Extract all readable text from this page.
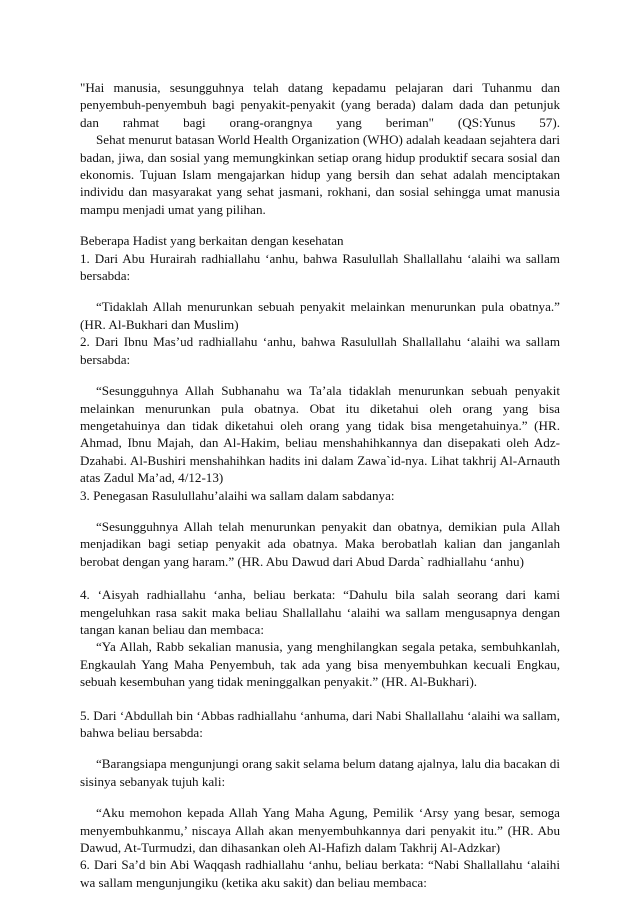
"Hai manusia, sesungguhnya telah datang kepadamu pelajaran dari Tuhanmu dan penyembuh-penyembuh bagi penyakit-penyakit (yang berada) dalam dada dan petunjuk dan rahmat bagi orang-orangnya yang beriman" (QS:Yunus 57).

Sehat menurut batasan World Health Organization (WHO) adalah keadaan sejahtera dari badan, jiwa, dan sosial yang memungkinkan setiap orang hidup produktif secara sosial dan ekonomis. Tujuan Islam mengajarkan hidup yang bersih dan sehat adalah menciptakan individu dan masyarakat yang sehat jasmani, rokhani, dan sosial sehingga umat manusia mampu menjadi umat yang pilihan.

Beberapa Hadist yang berkaitan dengan kesehatan

1. Dari Abu Hurairah radhiallahu ‘anhu, bahwa Rasulullah Shallallahu ‘alaihi wa sallam bersabda:

“Tidaklah Allah menurunkan sebuah penyakit melainkan menurunkan pula obatnya.” (HR. Al-Bukhari dan Muslim)

2. Dari Ibnu Mas’ud radhiallahu ‘anhu, bahwa Rasulullah Shallallahu ‘alaihi wa sallam bersabda:

“Sesungguhnya Allah Subhanahu wa Ta’ala tidaklah menurunkan sebuah penyakit melainkan menurunkan pula obatnya. Obat itu diketahui oleh orang yang bisa mengetahuinya dan tidak diketahui oleh orang yang tidak bisa mengetahuinya.” (HR. Ahmad, Ibnu Majah, dan Al-Hakim, beliau menshahihkannya dan disepakati oleh Adz-Dzahabi. Al-Bushiri menshahihkan hadits ini dalam Zawa`id-nya. Lihat takhrij Al-Arnauth atas Zadul Ma’ad, 4/12-13)

3. Penegasan Rasulullahu’alaihi wa sallam dalam sabdanya:

“Sesungguhnya Allah telah menurunkan penyakit dan obatnya, demikian pula Allah menjadikan bagi setiap penyakit ada obatnya. Maka berobatlah kalian dan janganlah berobat dengan yang haram.” (HR. Abu Dawud dari Abud Darda` radhiallahu ‘anhu)

4. ‘Aisyah radhiallahu ‘anha, beliau berkata: “Dahulu bila salah seorang dari kami mengeluhkan rasa sakit maka beliau Shallallahu ‘alaihi wa sallam mengusapnya dengan tangan kanan beliau dan membaca:

“Ya Allah, Rabb sekalian manusia, yang menghilangkan segala petaka, sembuhkanlah, Engkaulah Yang Maha Penyembuh, tak ada yang bisa menyembuhkan kecuali Engkau, sebuah kesembuhan yang tidak meninggalkan penyakit.” (HR. Al-Bukhari).

5. Dari ‘Abdullah bin ‘Abbas radhiallahu ‘anhuma, dari Nabi Shallallahu ‘alaihi wa sallam, bahwa beliau bersabda:

“Barangsiapa mengunjungi orang sakit selama belum datang ajalnya, lalu dia bacakan di sisinya sebanyak tujuh kali:

“Aku memohon kepada Allah Yang Maha Agung, Pemilik ‘Arsy yang besar, semoga menyembuhkanmu,’ niscaya Allah akan menyembuhkannya dari penyakit itu.” (HR. Abu Dawud, At-Turmudzi, dan dihasankan oleh Al-Hafizh dalam Takhrij Al-Adzkar)

6. Dari Sa’d bin Abi Waqqash radhiallahu ‘anhu, beliau berkata: “Nabi Shallallahu ‘alaihi wa sallam mengunjungiku (ketika aku sakit) dan beliau membaca:
